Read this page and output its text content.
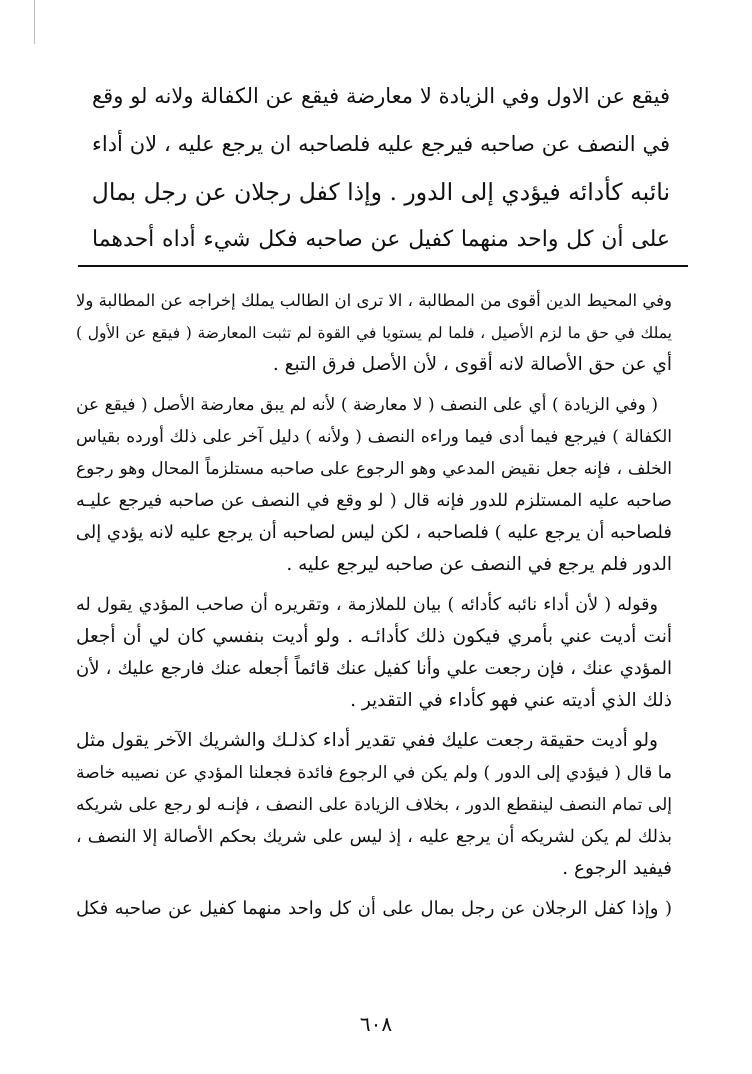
فيقع عن الاول وفي الزيادة لا معارضة فيقع عن الكفالة ولانه لو وقع
في النصف عن صاحبه فيرجع عليه فلصاحبه ان يرجع عليه ، لان أداء
نائبه كأدائه فيؤدي إلى الدور . وإذا كفل رجلان عن رجل بمال
على أن كل واحد منهما كفيل عن صاحبه فكل شيء أداه أحدهما
وفي المحيط الدين أقوى من المطالبة ، الا ترى ان الطالب يملك إخراجه عن المطالبة ولا
يملك في حق ما لزم الأصيل ، فلما لم يستويا في القوة لم تثبت المعارضة ( فيقع عن الأول )
أي عن حق الأصالة لانه أقوى ، لأن الأصل فرق التبع .
( وفي الزيادة ) أي على النصف ( لا معارضة ) لأنه لم يبق معارضة الأصل ( فيقع عن
الكفالة ) فيرجع فيما أدى فيما وراءه النصف ( ولأنه ) دليل آخر على ذلك أورده بقياس
الخلف ، فإنه جعل نقيض المدعي وهو الرجوع على صاحبه مستلزماً المحال وهو رجوع
صاحبه عليه المستلزم للدور فإنه قال ( لو وقع في النصف عن صاحبه فيرجع عليـه
فلصاحبه أن يرجع عليه ) فلصاحبه ، لكن ليس لصاحبه أن يرجع عليه لانه يؤدي إلى
الدور فلم يرجع في النصف عن صاحبه ليرجع عليه .
وقوله ( لأن أداء نائبه كأدائه ) بيان للملازمة ، وتقريره أن صاحب المؤدي يقول له
أنت أديت عني بأمري فيكون ذلك كأدائـه . ولو أديت بنفسي كان لي أن أجعل
المؤدي عنك ، فإن رجعت علي وأنا كفيل عنك قائماً أجعله عنك فارجع عليك ، لأن
ذلك الذي أديته عني فهو كأداء في التقدير .
ولو أديت حقيقة رجعت عليك ففي تقدير أداء كذلـك والشريك الآخر يقول مثل
ما قال ( فيؤدي إلى الدور ) ولم يكن في الرجوع فائدة فجعلنا المؤدي عن نصيبه خاصة
إلى تمام النصف لينقطع الدور ، بخلاف الزيادة على النصف ، فإنـه لو رجع على شريكه
بذلك لم يكن لشريكه أن يرجع عليه ، إذ ليس على شريك بحكم الأصالة إلا النصف ،
فيفيد الرجوع .
( وإذا كفل الرجلان عن رجل بمال على أن كل واحد منهما كفيل عن صاحبه فكل
٦٠٨
